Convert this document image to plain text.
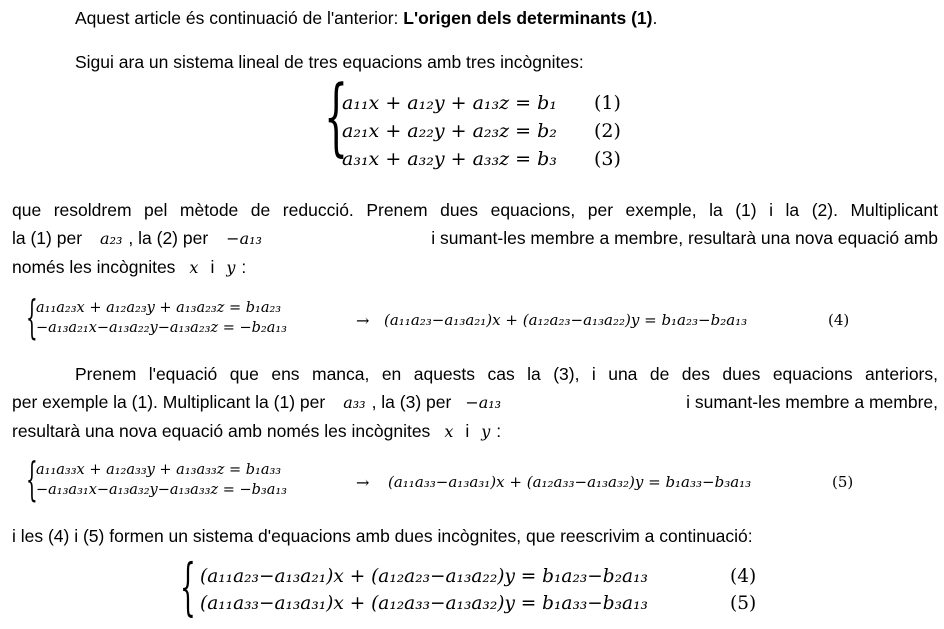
Aquest article és continuació de l'anterior: L'origen dels determinants (1).
Sigui ara un sistema lineal de tres equacions amb tres incògnites:
{
a₁₁x + a₁₂y + a₁₃z = b₁ (1)
a₂₁x + a₂₂y + a₂₃z = b₂ (2)
a₃₁x + a₃₂y + a₃₃z = b₃ (3)
que resoldrem pel mètode de reducció. Prenem dues equacions, per exemple, la (1) i la (2). Multiplicant
la (1) per a₂₃ , la (2) per −a₁₃	i sumant-les membre a membre, resultarà una nova equació amb
només les incògnites x i y :
{
a₁₁a₂₃x + a₁₂a₂₃y + a₁₃a₂₃z = b₁a₂₃
−a₁₃a₂₁x−a₁₃a₂₂y−a₁₃a₂₃z = −b₂a₁₃	→ (a₁₁a₂₃−a₁₃a₂₁)x + (a₁₂a₂₃−a₁₃a₂₂)y = b₁a₂₃−b₂a₁₃	(4)
Prenem l'equació que ens manca, en aquests cas la (3), i una de des dues equacions anteriors,
per exemple la (1). Multiplicant la (1) per a₃₃ , la (3) per −a₁₃	i sumant-les membre a membre,
resultarà una nova equació amb només les incògnites x i y :
{
a₁₁a₃₃x + a₁₂a₃₃y + a₁₃a₃₃z = b₁a₃₃
−a₁₃a₃₁x−a₁₃a₃₂y−a₁₃a₃₃z = −b₃a₁₃	→ (a₁₁a₃₃−a₁₃a₃₁)x + (a₁₂a₃₃−a₁₃a₃₂)y = b₁a₃₃−b₃a₁₃	(5)
i les (4) i (5) formen un sistema d'equacions amb dues incògnites, que reescrivim a continuació:
{ (a₁₁a₂₃−a₁₃a₂₁)x + (a₁₂a₂₃−a₁₃a₂₂)y = b₁a₂₃−b₂a₁₃	(4)
(a₁₁a₃₃−a₁₃a₃₁)x + (a₁₂a₃₃−a₁₃a₃₂)y = b₁a₃₃−b₃a₁₃	(5)
